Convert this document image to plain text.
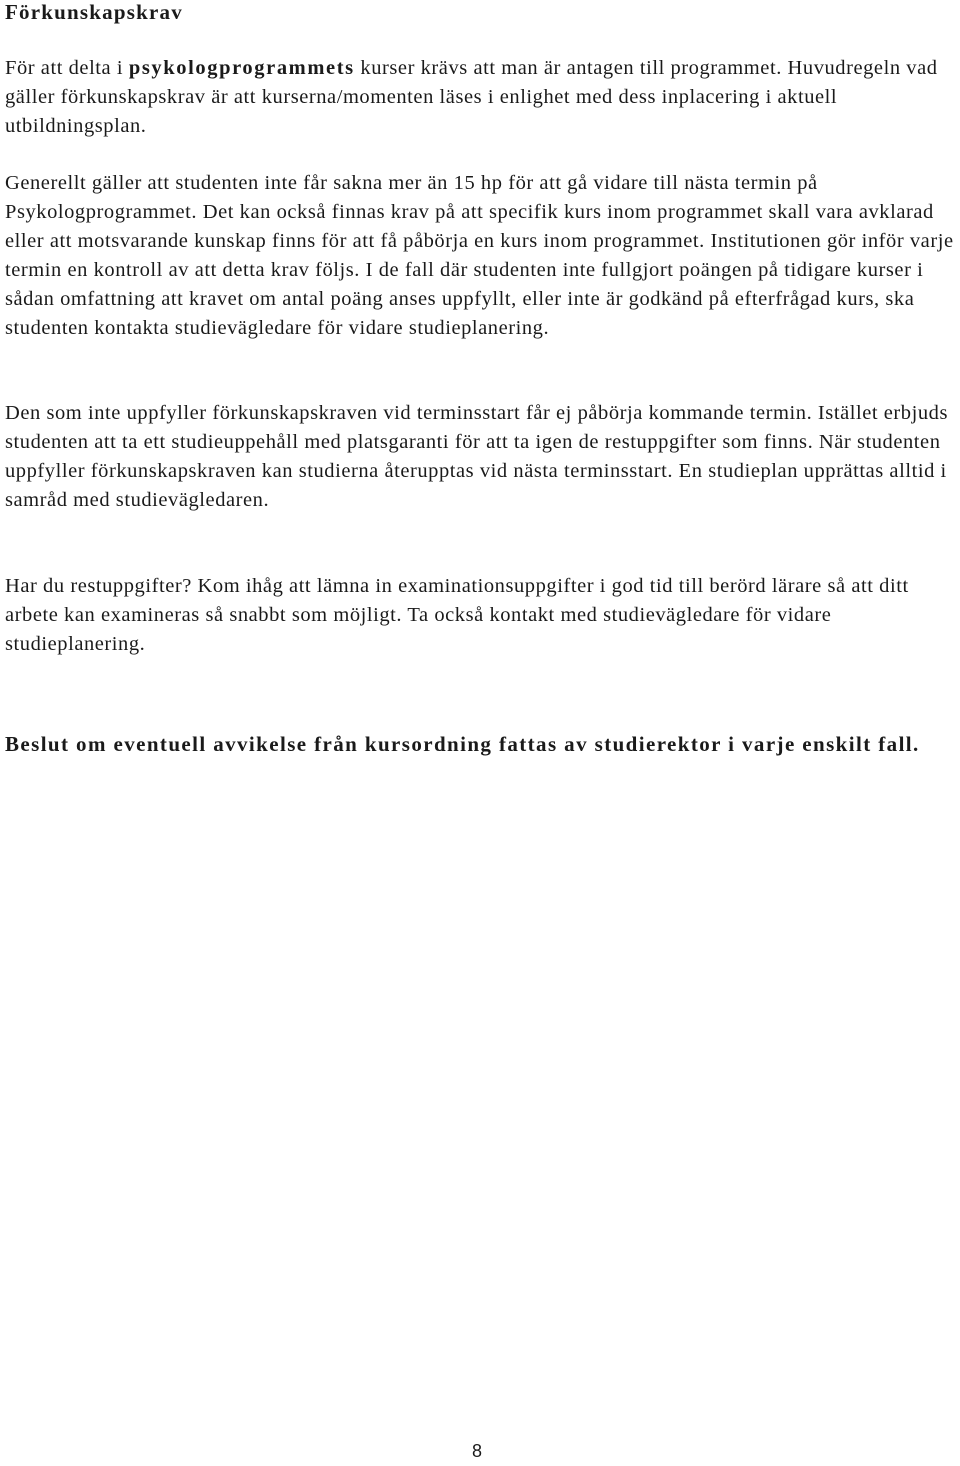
Förkunskapskrav

För att delta i psykologprogrammets kurser krävs att man är antagen till programmet. Huvudregeln vad gäller förkunskapskrav är att kurserna/momenten läses i enlighet med dess inplacering i aktuell utbildningsplan.

Generellt gäller att studenten inte får sakna mer än 15 hp för att gå vidare till nästa termin på Psykologprogrammet. Det kan också finnas krav på att specifik kurs inom programmet skall vara avklarad eller att motsvarande kunskap finns för att få påbörja en kurs inom programmet. Institutionen gör inför varje termin en kontroll av att detta krav följs. I de fall där studenten inte fullgjort poängen på tidigare kurser i sådan omfattning att kravet om antal poäng anses uppfyllt, eller inte är godkänd på efterfrågad kurs, ska studenten kontakta studievägledare för vidare studieplanering.

Den som inte uppfyller förkunskapskraven vid terminsstart får ej påbörja kommande termin. Istället erbjuds studenten att ta ett studieuppehåll med platsgaranti för att ta igen de restuppgifter som finns. När studenten uppfyller förkunskapskraven kan studierna återupptas vid nästa terminsstart. En studieplan upprättas alltid i samråd med studievägledaren.

Har du restuppgifter? Kom ihåg att lämna in examinationsuppgifter i god tid till berörd lärare så att ditt arbete kan examineras så snabbt som möjligt. Ta också kontakt med studievägledare för vidare studieplanering.

Beslut om eventuell avvikelse från kursordning fattas av studierektor i varje enskilt fall.

8
